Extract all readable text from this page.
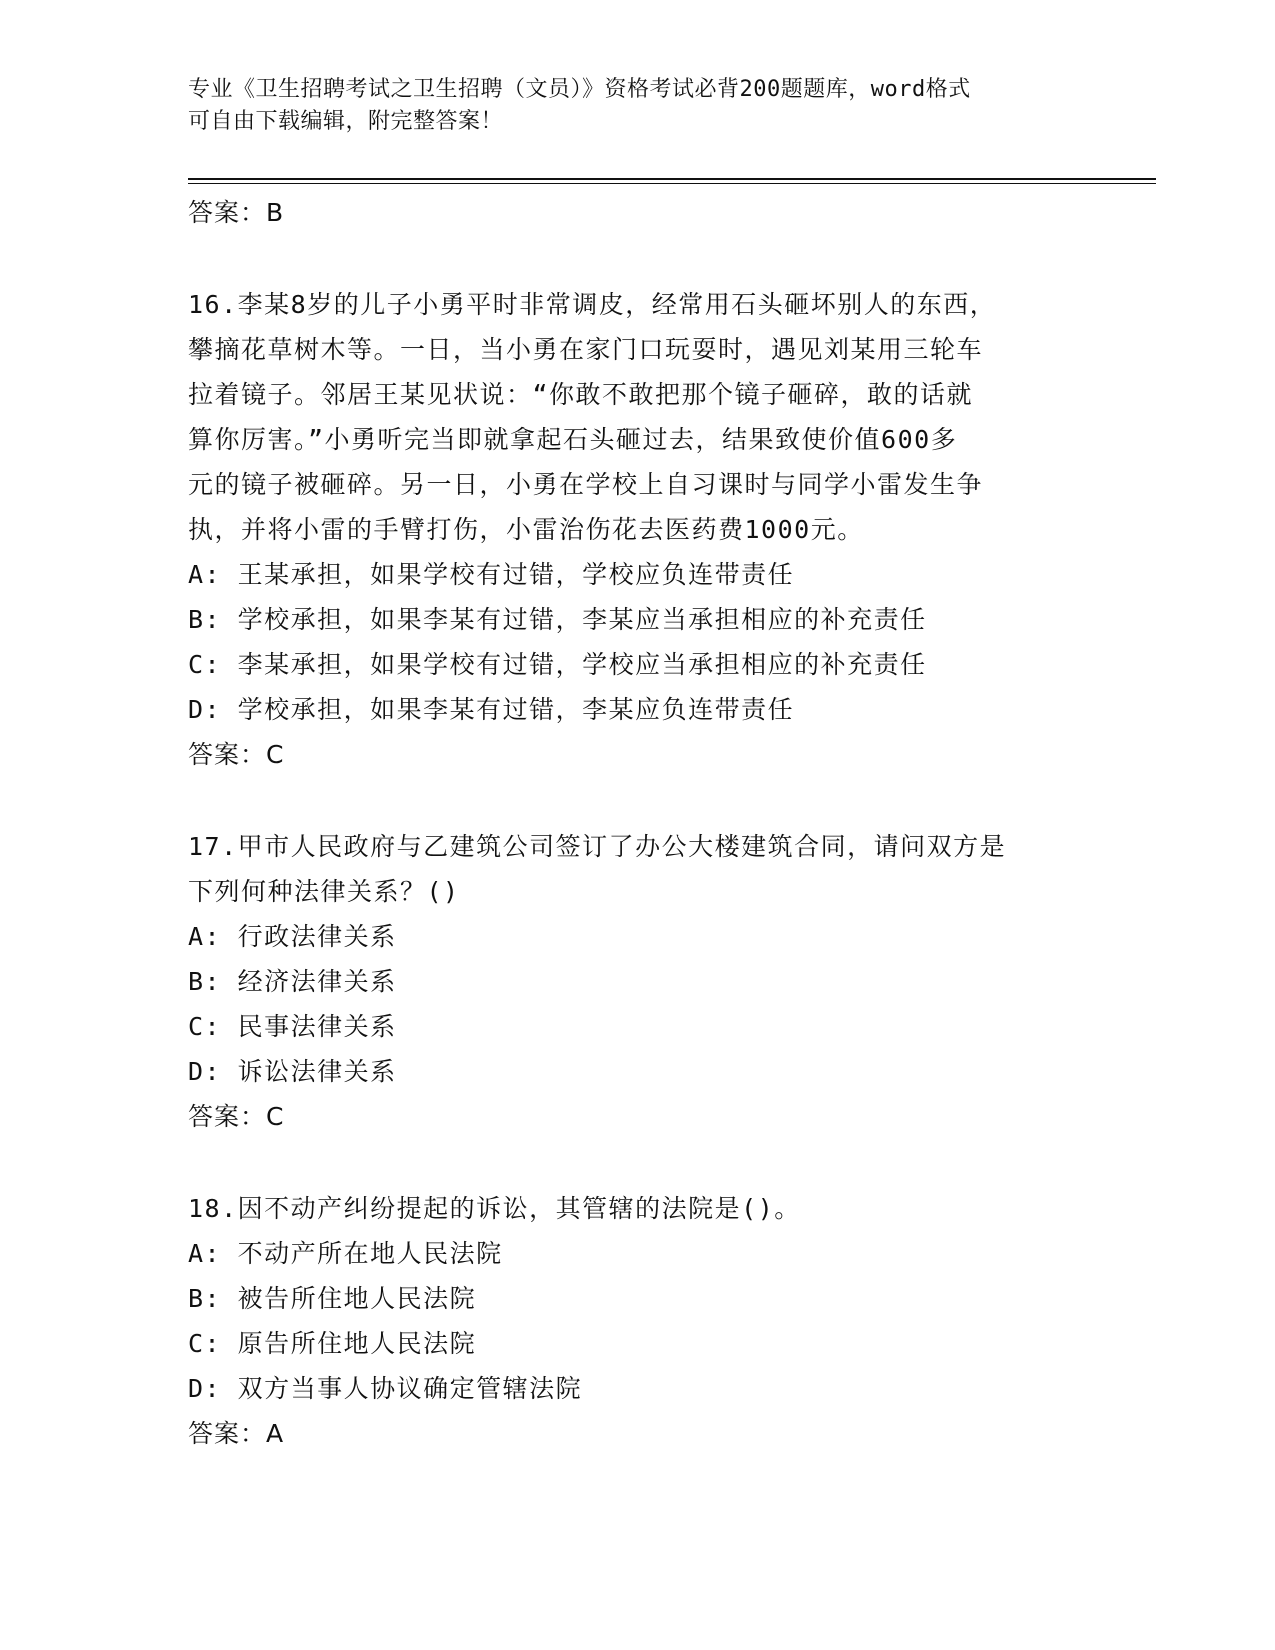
专业《卫生招聘考试之卫生招聘（文员）》资格考试必背200题题库，word格式
可自由下载编辑，附完整答案！
答案：B
16.李某8岁的儿子小勇平时非常调皮，经常用石头砸坏别人的东西，
攀摘花草树木等。一日，当小勇在家门口玩耍时，遇见刘某用三轮车
拉着镜子。邻居王某见状说：“你敢不敢把那个镜子砸碎，敢的话就
算你厉害。”小勇听完当即就拿起石头砸过去，结果致使价值600多
元的镜子被砸碎。另一日，小勇在学校上自习课时与同学小雷发生争
执，并将小雷的手臂打伤，小雷治伤花去医药费1000元。
A: 王某承担，如果学校有过错，学校应负连带责任
B: 学校承担，如果李某有过错，李某应当承担相应的补充责任
C: 李某承担，如果学校有过错，学校应当承担相应的补充责任
D: 学校承担，如果李某有过错，李某应负连带责任
答案：C
17.甲市人民政府与乙建筑公司签订了办公大楼建筑合同，请问双方是
下列何种法律关系？()
A: 行政法律关系
B: 经济法律关系
C: 民事法律关系
D: 诉讼法律关系
答案：C
18.因不动产纠纷提起的诉讼，其管辖的法院是()。
A: 不动产所在地人民法院
B: 被告所住地人民法院
C: 原告所住地人民法院
D: 双方当事人协议确定管辖法院
答案：A
